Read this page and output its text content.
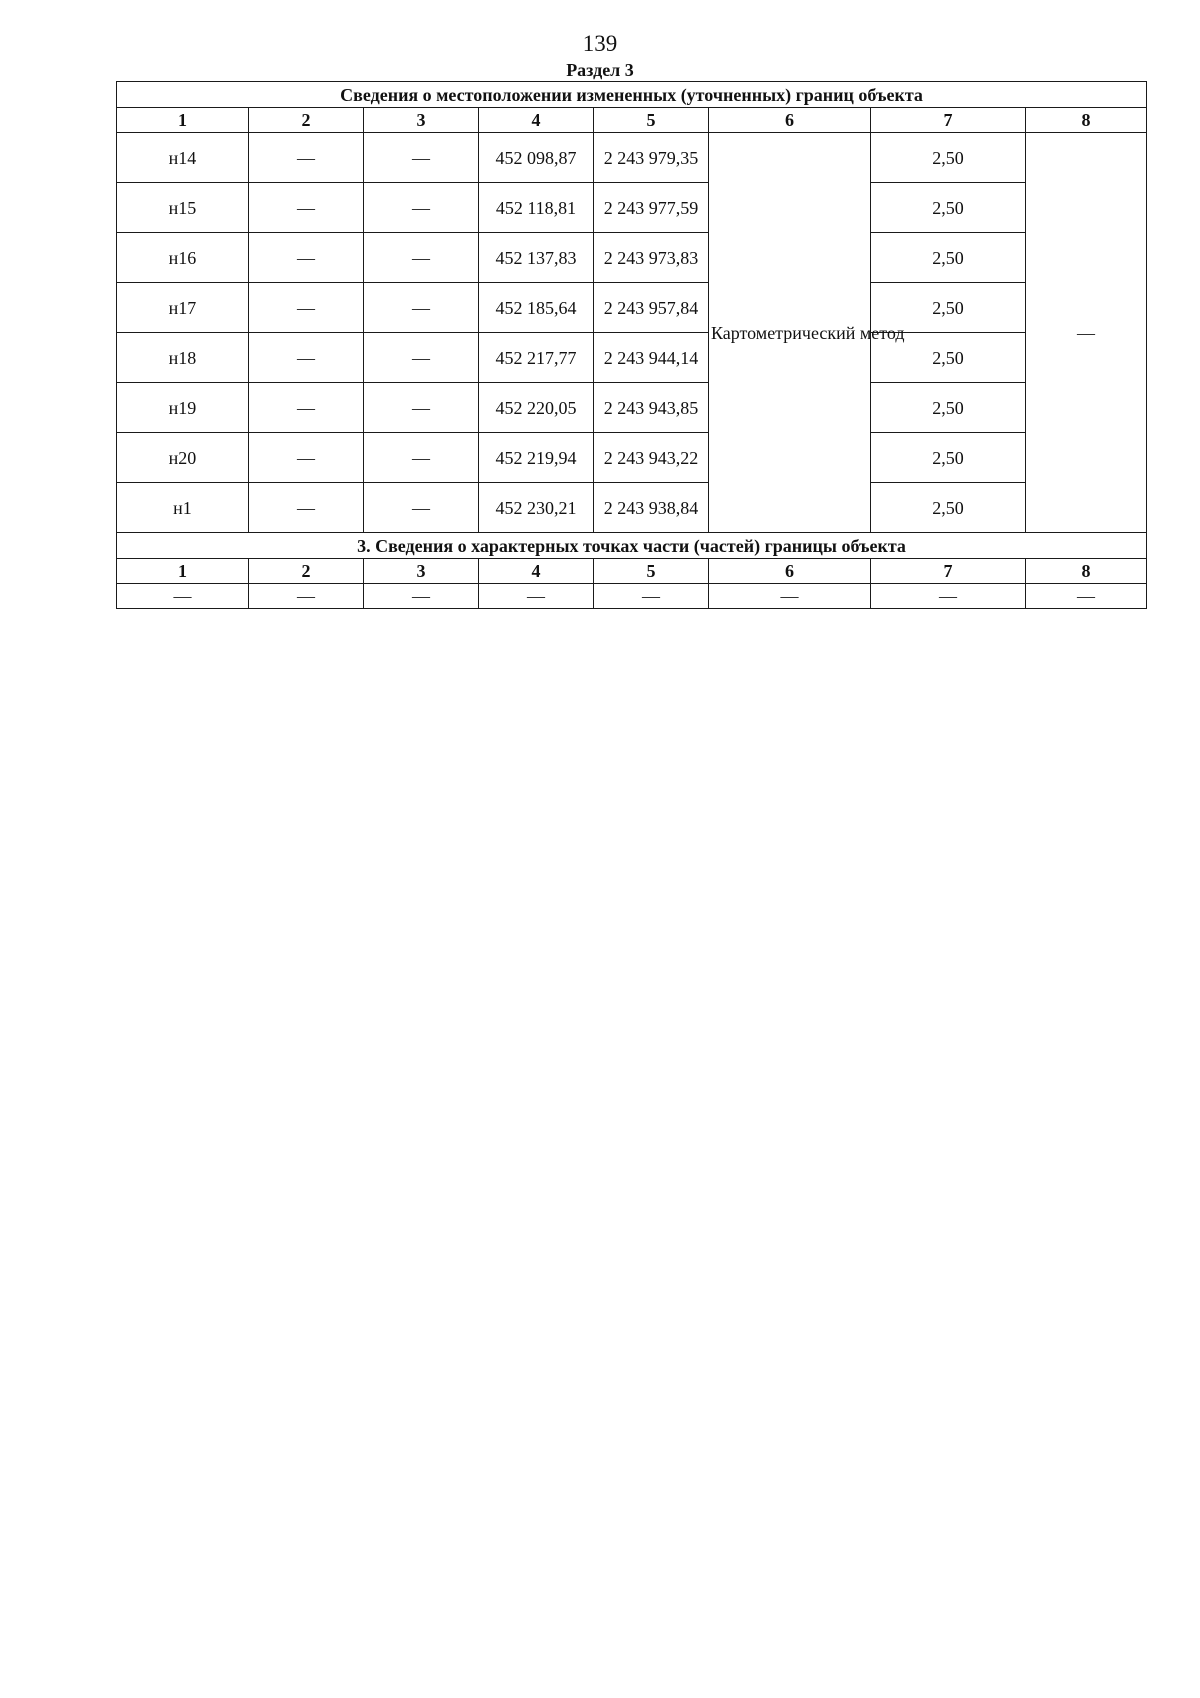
139
Раздел 3
Сведения о местоположении измененных (уточненных) границ объекта							
1	2	3	4	5	6	7	8
н14	—	—	452 098,87	2 243 979,35	Картометрический метод	2,50	—
н15	—	—	452 118,81	2 243 977,59		2,50	
н16	—	—	452 137,83	2 243 973,83		2,50	
н17	—	—	452 185,64	2 243 957,84		2,50	
н18	—	—	452 217,77	2 243 944,14		2,50	
н19	—	—	452 220,05	2 243 943,85		2,50	
н20	—	—	452 219,94	2 243 943,22		2,50	
н1	—	—	452 230,21	2 243 938,84		2,50	
3. Сведения о характерных точках части (частей) границы объекта							
1	2	3	4	5	6	7	8
—	—	—	—	—	—	—	—
